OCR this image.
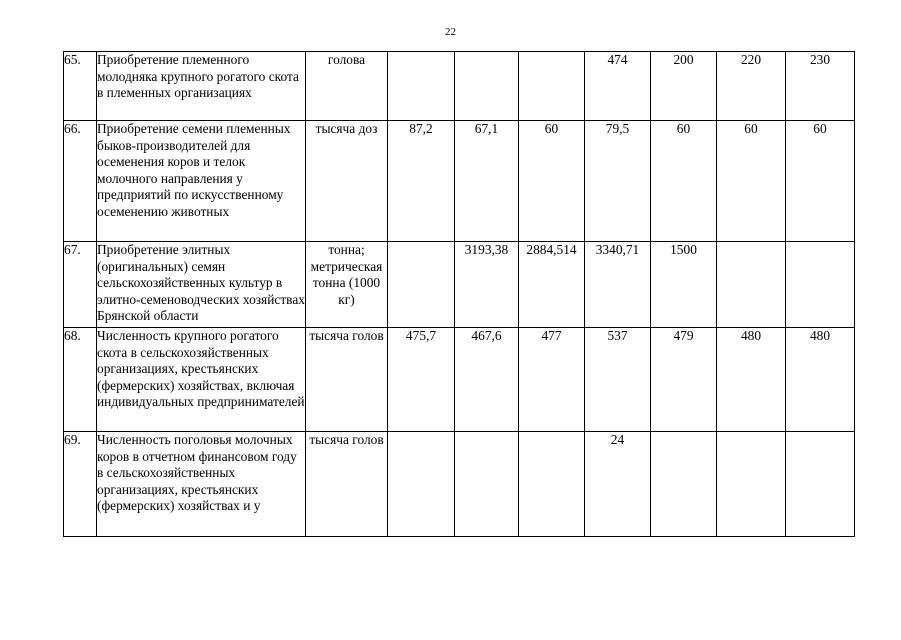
22
65.	Приобретение племенного молодняка крупного рогатого скота в племенных организациях	голова				474	200	220	230
66.	Приобретение семени племенных быков-производителей для осеменения коров и телок молочного направления у предприятий по искусственному осеменению животных	тысяча доз	87,2	67,1	60	79,5	60	60	60
67.	Приобретение элитных (оригинальных) семян сельскохозяйственных культур в элитно-семеноводческих хозяйствах Брянской области	тонна; метрическая тонна (1000 кг)		3193,38	2884,514	3340,71	1500		
68.	Численность крупного рогатого скота в сельскохозяйственных организациях, крестьянских (фермерских) хозяйствах, включая индивидуальных предпринимателей	тысяча голов	475,7	467,6	477	537	479	480	480
69.	Численность поголовья молочных коров в отчетном финансовом году в сельскохозяйственных организациях, крестьянских (фермерских) хозяйствах и у	тысяча голов				24			
